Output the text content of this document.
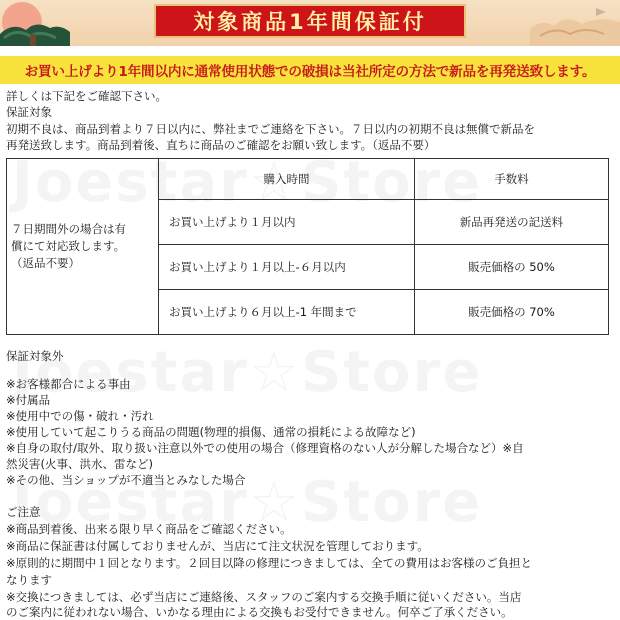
対象商品1年間保証付
お買い上げより1年間以内に通常使用状態での破損は当社所定の方法で新品を再発送致します。
詳しくは下記をご確認下さい。
保証対象
初期不良は、商品到着より７日以内に、弊社までご連絡を下さい。７日以内の初期不良は無償で新品を
再発送致します。商品到着後、直ちに商品のご確認をお願い致します。（返品不要）
７日期間外の場合は有
償にて対応致します。
（返品不要）	購入時間	手数料
	お買い上げより１月以内	新品再発送の記送料
	お買い上げより１月以上-６月以内	販売価格の 50%
	お買い上げより６月以上-1 年間まで	販売価格の 70%
保証対象外
※お客様都合による事由
※付属品
※使用中での傷・破れ・汚れ
※使用していて起こりうる商品の問題(物理的損傷、通常の損耗による故障など)
※自身の取付/取外、取り扱い注意以外での使用の場合（修理資格のない人が分解した場合など）※自
然災害(火事、洪水、雷など)
※その他、当ショップが不適当とみなした場合
ご注意
※商品到着後、出来る限り早く商品をご確認ください。
※商品に保証書は付属しておりませんが、当店にて注文状況を管理しております。
※原則的に期間中１回となります。２回目以降の修理につきましては、全ての費用はお客様のご負担と
なります
※交換につきましては、必ず当店にご連絡後、スタッフのご案内する交換手順に従いください。当店
のご案内に従われない場合、いかなる理由による交換もお受付できません。何卒ご了承ください。
